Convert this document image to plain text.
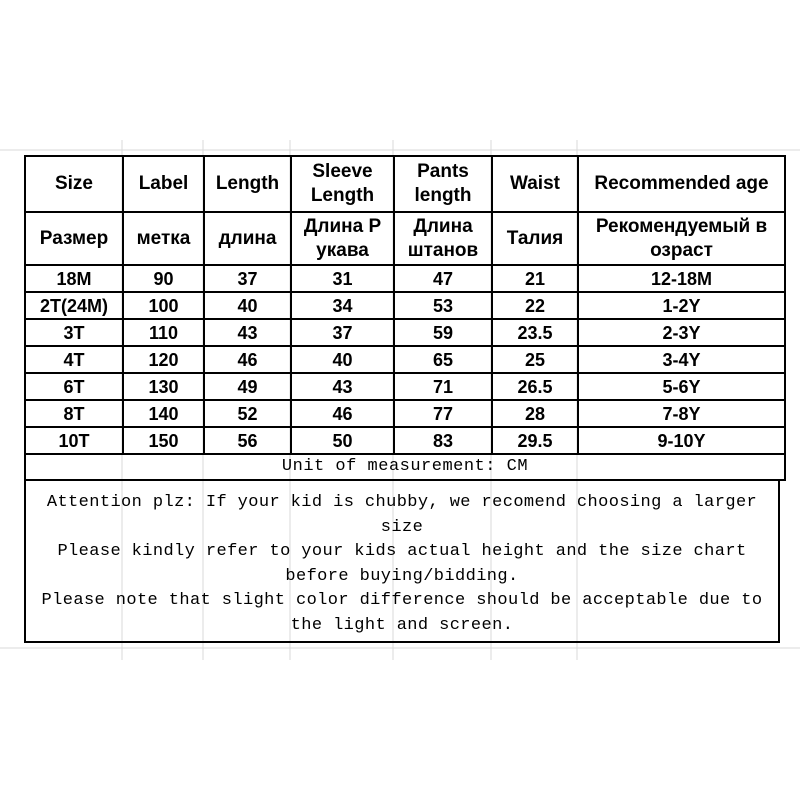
Size	Label	Length	Sleeve Length	Pants length	Waist	Recommended age
Размер	метка	длина	Длина Р укава	Длина штанов	Талия	Рекомендуемый в озраст
18M	90	37	31	47	21	12-18M
2T(24M)	100	40	34	53	22	1-2Y
3T	110	43	37	59	23.5	2-3Y
4T	120	46	40	65	25	3-4Y
6T	130	49	43	71	26.5	5-6Y
8T	140	52	46	77	28	7-8Y
10T	150	56	50	83	29.5	9-10Y
Unit of measurement: CM						

Attention plz: If your kid is chubby, we recomend choosing a larger size

Please kindly refer to your kids actual height and the size chart before buying/bidding.

Please note that slight color difference should be acceptable due to the light and screen.
